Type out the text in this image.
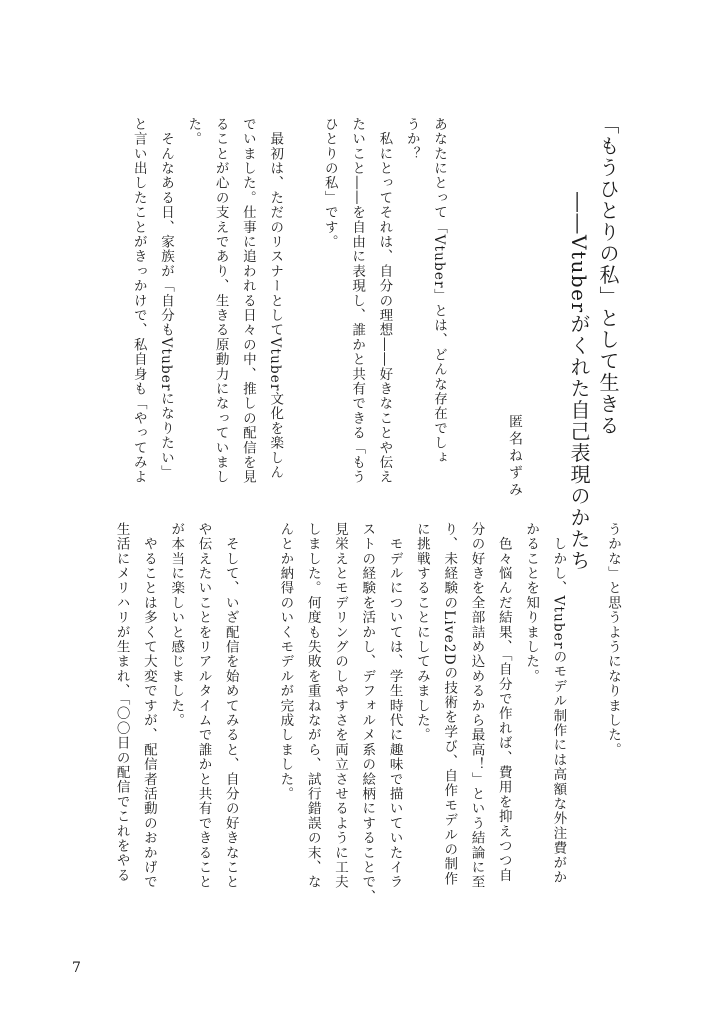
「もうひとりの私」として生きる
――Vtuberがくれた自己表現のかたち
匿名ねずみ
あなたにとって「Vtuber」とは、どんな存在でしょ
うか？
　私にとってそれは、自分の理想――好きなことや伝え
たいこと――を自由に表現し、誰かと共有できる「もう
ひとりの私」です。
　最初は、ただのリスナーとしてVtuber文化を楽しん
でいました。仕事に追われる日々の中、推しの配信を見
ることが心の支えであり、生きる原動力になっていまし
た。
　そんなある日、家族が「自分もVtuberになりたい」
と言い出したことがきっかけで、私自身も「やってみよ
うかな」と思うようになりました。
　しかし、Vtuberのモデル制作には高額な外注費がか
かることを知りました。
　色々悩んだ結果、「自分で作れば、費用を抑えつつ自
分の好きを全部詰め込めるから最高！」という結論に至
り、未経験のLive2Dの技術を学び、自作モデルの制作
に挑戦することにしてみました。
　モデルについては、学生時代に趣味で描いていたイラ
ストの経験を活かし、デフォルメ系の絵柄にすることで、
見栄えとモデリングのしやすさを両立させるように工夫
しました。何度も失敗を重ねながら、試行錯誤の末、な
んとか納得のいくモデルが完成しました。
　そして、いざ配信を始めてみると、自分の好きなこと
や伝えたいことをリアルタイムで誰かと共有できること
が本当に楽しいと感じました。
　やることは多くて大変ですが、配信者活動のおかげで
生活にメリハリが生まれ、「〇〇日の配信でこれをやる
7
